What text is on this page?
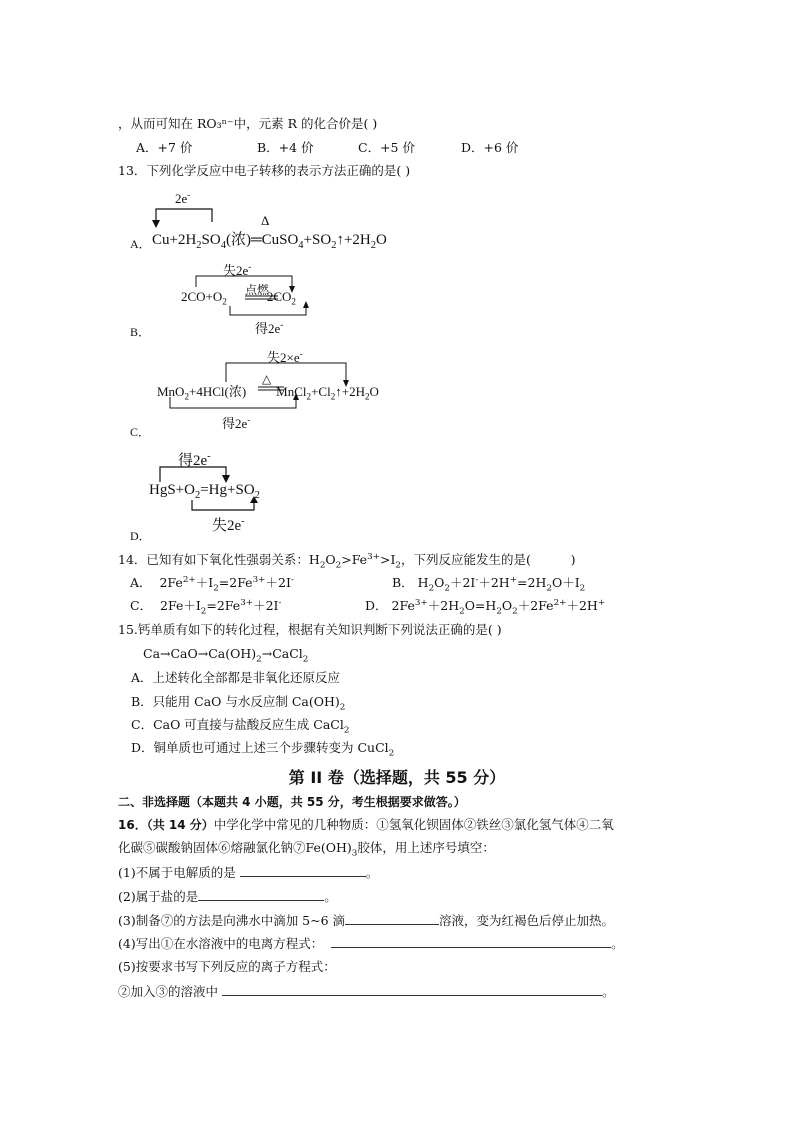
，从而可知在 RO₃ⁿ⁻中，元素 R 的化合价是( )
A．+7 价	B．+4 价	C．+5 价	D．+6 价
13．下列化学反应中电子转移的表示方法正确的是( )
A．
2e-
Δ
$Cu+2H_2SO_4$(浓)$═CuSO_4+SO_2↑+2H_2O$
失2e-
点燃
$2CO+O_2$	$2CO_2$
得2e-
B．
失2×e-
△
MnO$_2$+4HCl(浓) $MnCl_2+Cl_2↑+2H_2O$
得2e-
C．
得2e-
$HgS+O_2=Hg+SO_2$
失2e-
D．
14．已知有如下氧化性强弱关系：$H_2O_2>Fe^{3+}>I_2$，下列反应能发生的是(          )
A．  $2Fe^{2+}+I_2=2Fe^{3+}+2I^-$	B． $H_2O_2+2I^-+2H^+=2H_2O+I_2$
C．  $2Fe+I_2=2Fe^{3+}+2I^-$	D． $2Fe^{3+}+2H_2O=H_2O_2+2Fe^{2+}+2H^+$
15.钙单质有如下的转化过程，根据有关知识判断下列说法正确的是( )
$Ca\to CaO\to Ca(OH)_2\to CaCl_2$
A．上述转化全部都是非氧化还原反应
B．只能用 CaO 与水反应制 $Ca(OH)_2$
C．CaO 可直接与盐酸反应生成 CaCl$_2$
D．铜单质也可通过上述三个步骤转变为 CuCl$_2$
第 II 卷（选择题，共 55 分）
二、非选择题（本题共 4 小题，共 55 分，考生根据要求做答。）
16．（共 14 分）中学化学中常见的几种物质：①氢氧化钡固体②铁丝③氯化氢气体④二氧
化碳⑤碳酸钠固体⑥熔融氯化钠$⑦Fe(OH)_3$胶体，用上述序号填空：
(1)不属于电解质的是	。
(2)属于盐的是	。
(3)制备⑦的方法是向沸水中滴加 5~6 滴	溶液，变为红褐色后停止加热。
(4)写出①在水溶液中的电离方程式：	。
(5)按要求书写下列反应的离子方程式：
②加入③的溶液中	。
